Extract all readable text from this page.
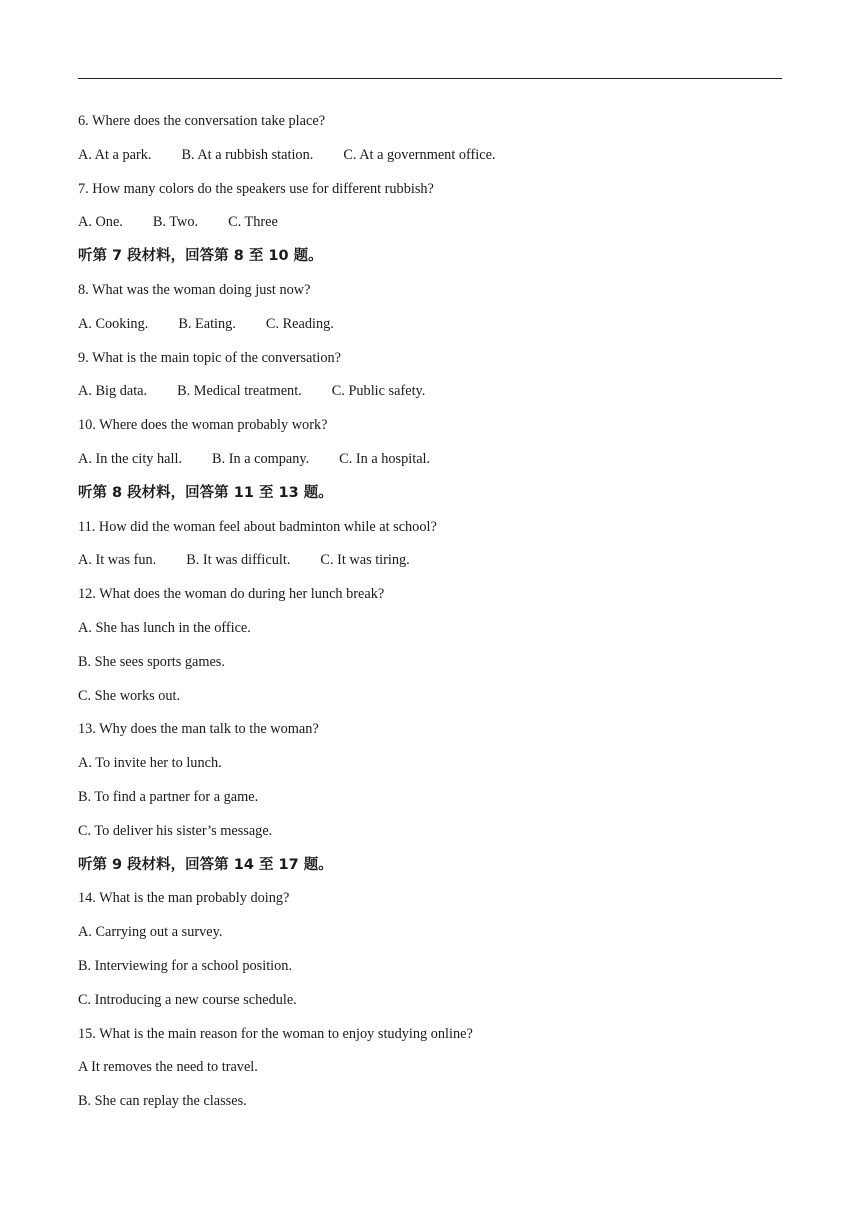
6. Where does the conversation take place?
A. At a park. B. At a rubbish station. C. At a government office.
7. How many colors do the speakers use for different rubbish?
A. One. B. Two. C. Three
听第 7 段材料，回答第 8 至 10 题。
8. What was the woman doing just now?
A. Cooking. B. Eating. C. Reading.
9. What is the main topic of the conversation?
A. Big data. B. Medical treatment. C. Public safety.
10. Where does the woman probably work?
A. In the city hall. B. In a company. C. In a hospital.
听第 8 段材料，回答第 11 至 13 题。
11. How did the woman feel about badminton while at school?
A. It was fun. B. It was difficult. C. It was tiring.
12. What does the woman do during her lunch break?
A. She has lunch in the office.
B. She sees sports games.
C. She works out.
13. Why does the man talk to the woman?
A. To invite her to lunch.
B. To find a partner for a game.
C. To deliver his sister’s message.
听第 9 段材料，回答第 14 至 17 题。
14. What is the man probably doing?
A. Carrying out a survey.
B. Interviewing for a school position.
C. Introducing a new course schedule.
15. What is the main reason for the woman to enjoy studying online?
A It removes the need to travel.
B. She can replay the classes.
